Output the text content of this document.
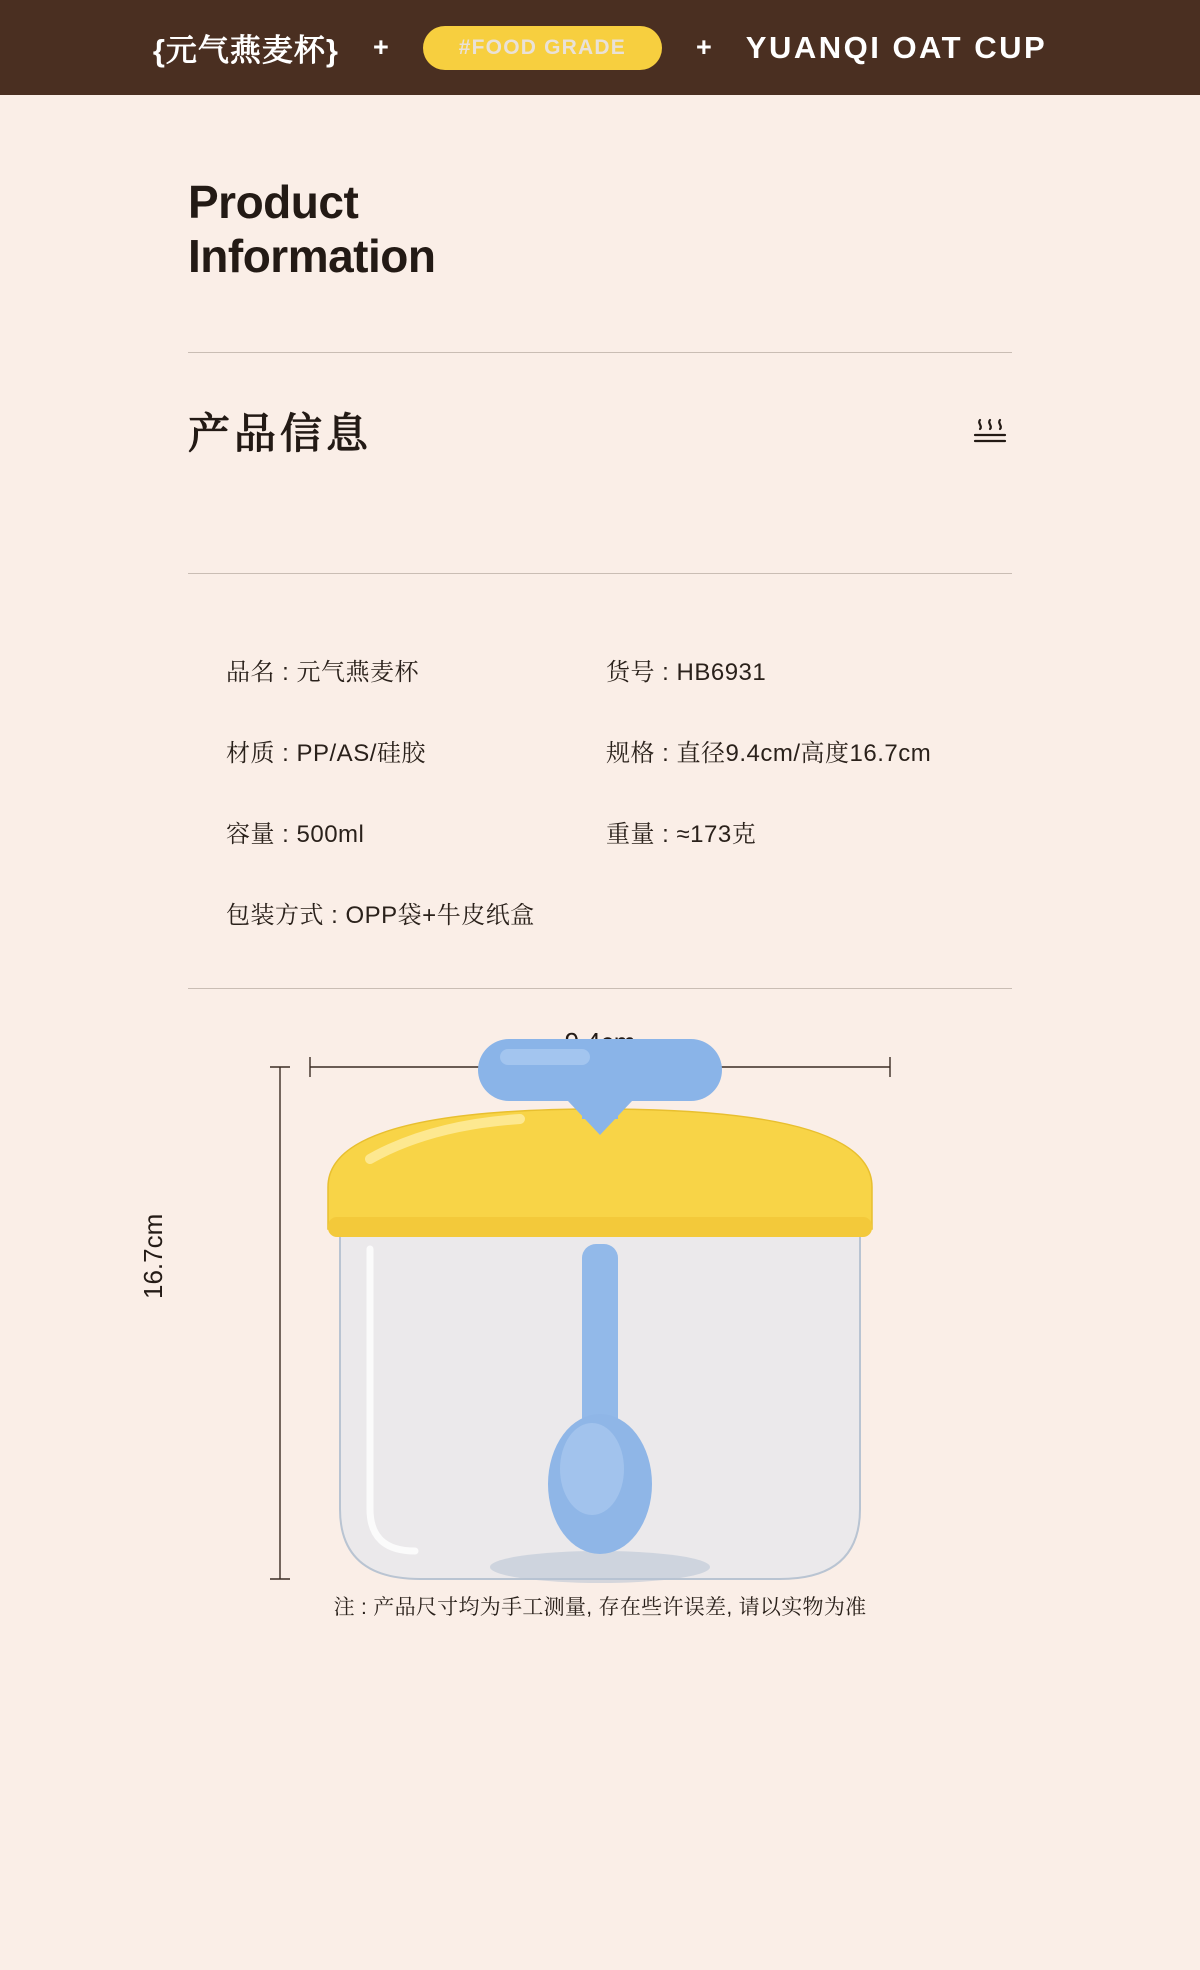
{元气燕麦杯} +	#FOOD GRADE	+ YUANQI OAT CUP
Product
Information
产品信息
品名 : 元气燕麦杯	货号 : HB6931
材质 : PP/AS/硅胶	规格 : 直径9.4cm/高度16.7cm
容量 : 500ml	重量 : ≈173克
包装方式 : OPP袋+牛皮纸盒
16.7cm
注 : 产品尺寸均为手工测量, 存在些许误差, 请以实物为准
